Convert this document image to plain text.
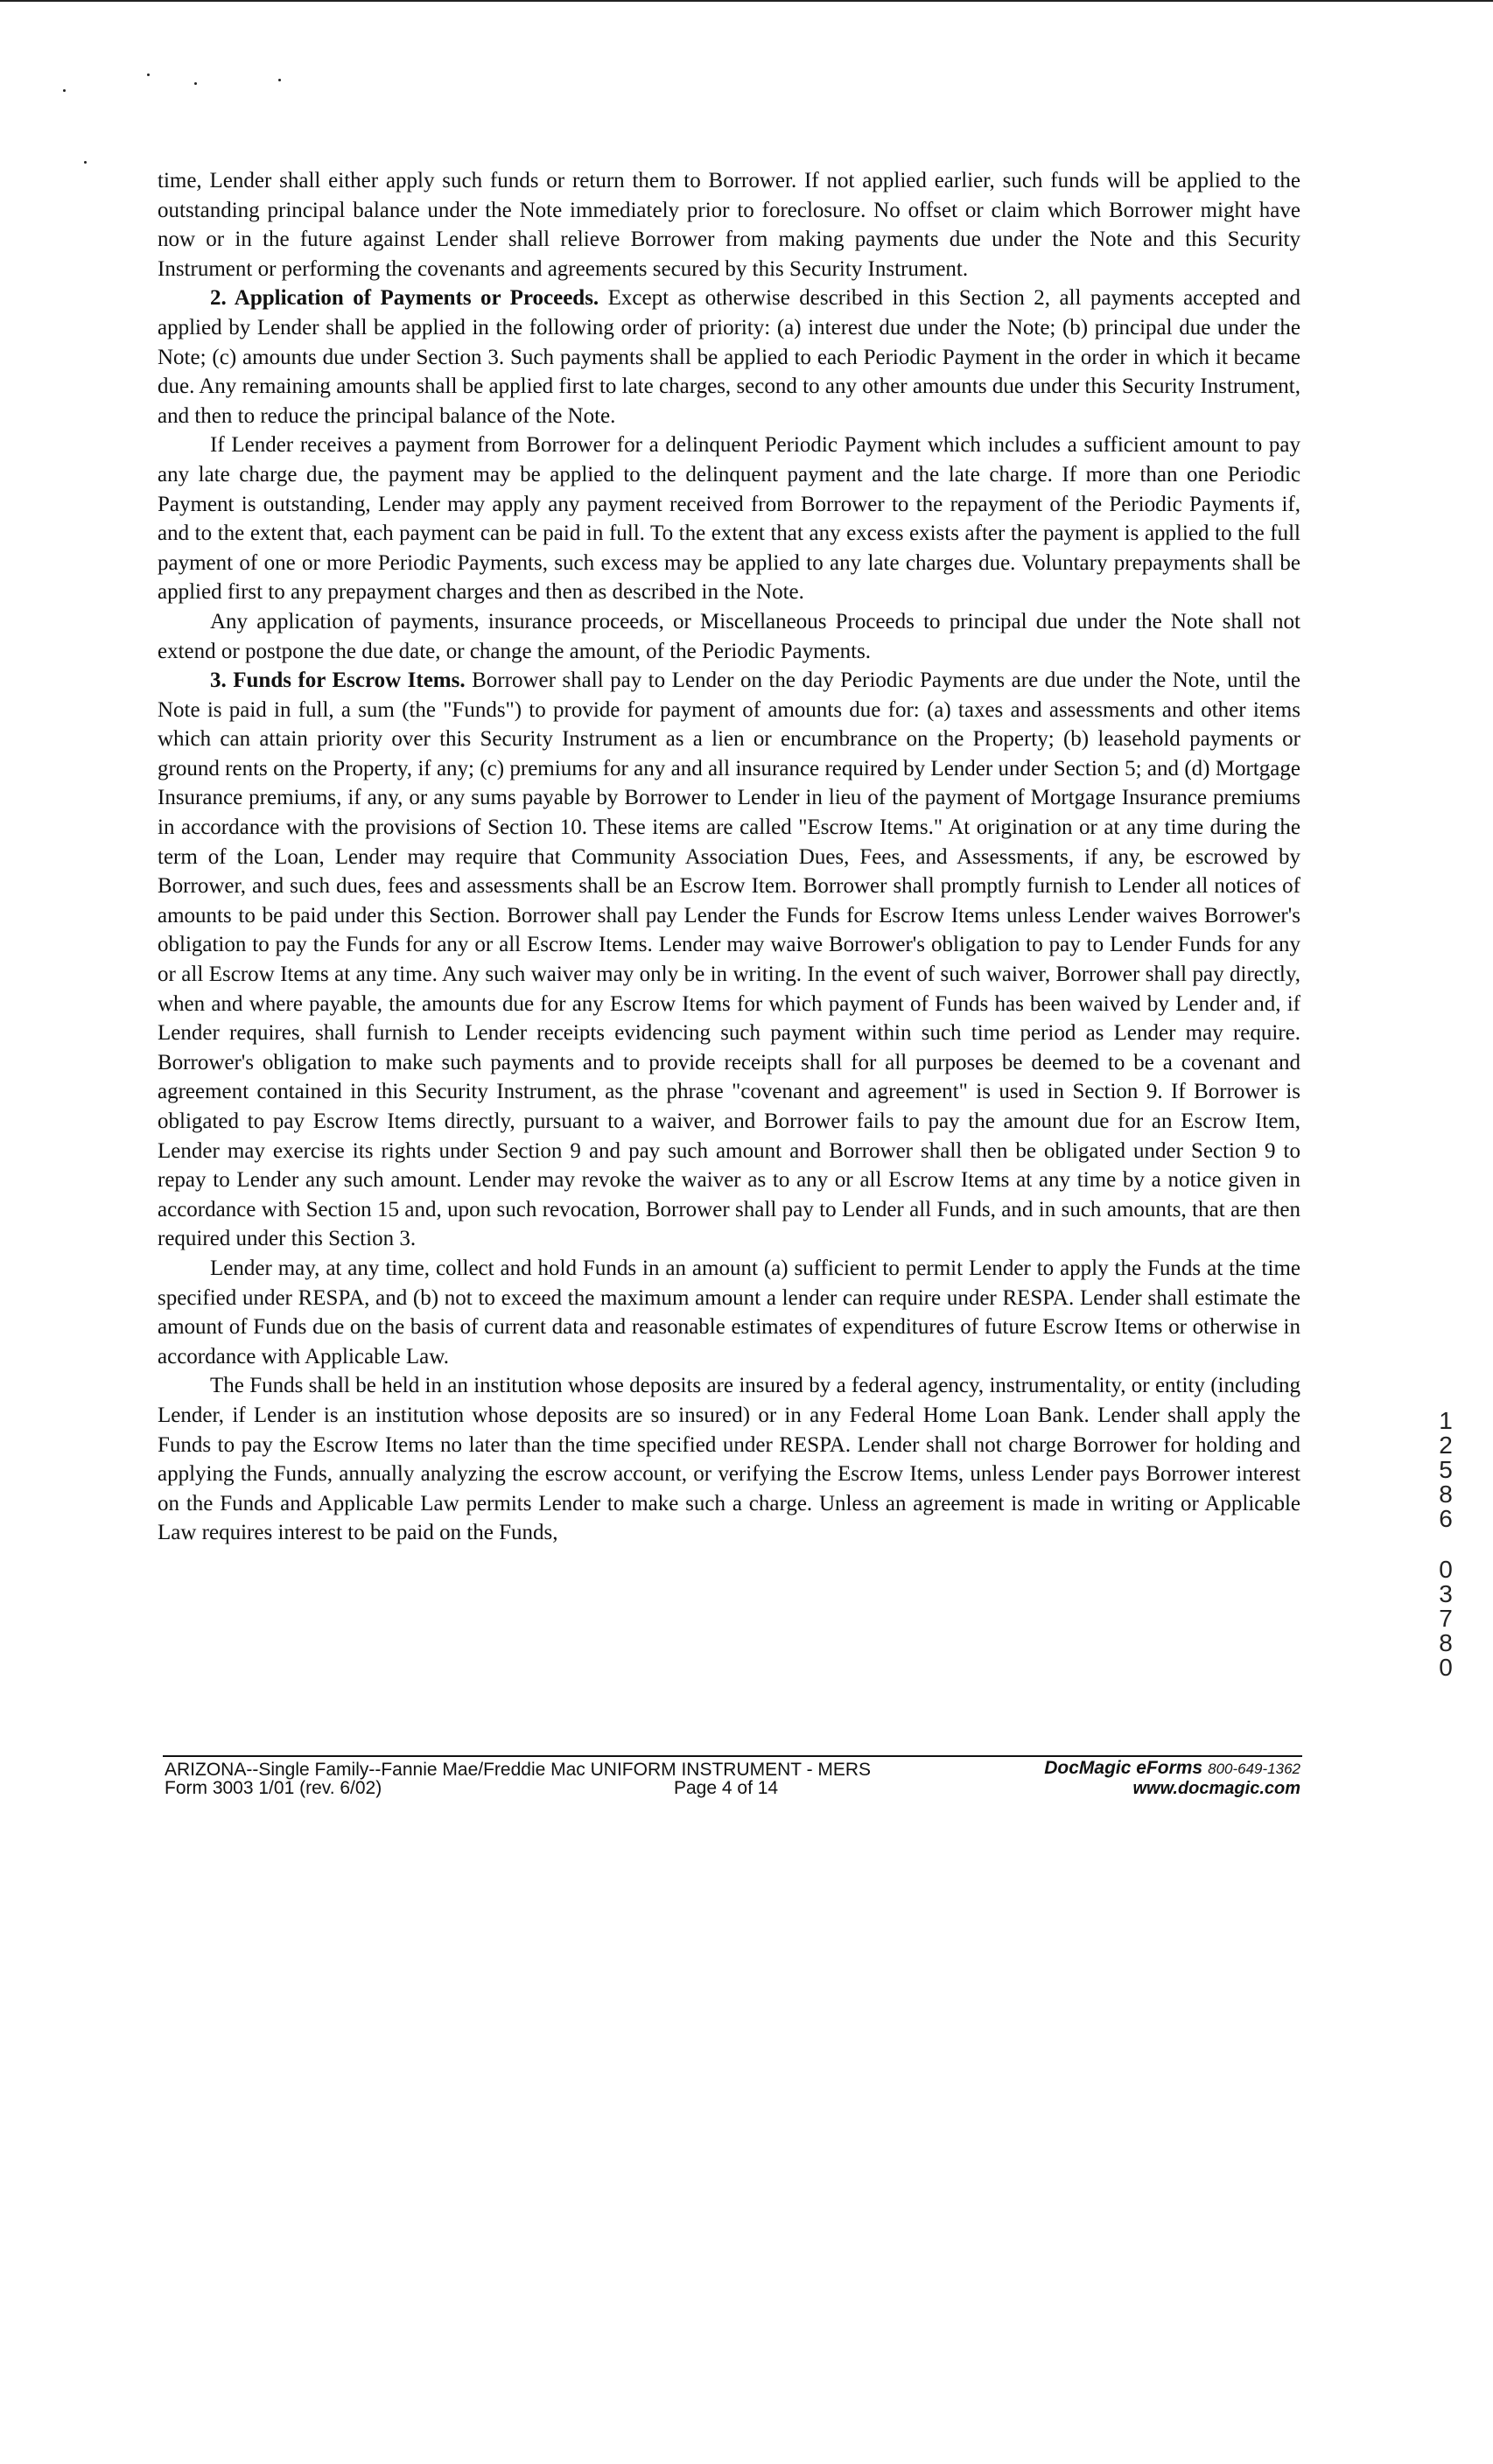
time, Lender shall either apply such funds or return them to Borrower. If not applied earlier, such funds will be applied to the outstanding principal balance under the Note immediately prior to foreclosure. No offset or claim which Borrower might have now or in the future against Lender shall relieve Borrower from making payments due under the Note and this Security Instrument or performing the covenants and agreements secured by this Security Instrument.

2. Application of Payments or Proceeds. Except as otherwise described in this Section 2, all payments accepted and applied by Lender shall be applied in the following order of priority: (a) interest due under the Note; (b) principal due under the Note; (c) amounts due under Section 3. Such payments shall be applied to each Periodic Payment in the order in which it became due. Any remaining amounts shall be applied first to late charges, second to any other amounts due under this Security Instrument, and then to reduce the principal balance of the Note.

If Lender receives a payment from Borrower for a delinquent Periodic Payment which includes a sufficient amount to pay any late charge due, the payment may be applied to the delinquent payment and the late charge. If more than one Periodic Payment is outstanding, Lender may apply any payment received from Borrower to the repayment of the Periodic Payments if, and to the extent that, each payment can be paid in full. To the extent that any excess exists after the payment is applied to the full payment of one or more Periodic Payments, such excess may be applied to any late charges due. Voluntary prepayments shall be applied first to any prepayment charges and then as described in the Note.

Any application of payments, insurance proceeds, or Miscellaneous Proceeds to principal due under the Note shall not extend or postpone the due date, or change the amount, of the Periodic Payments.

3. Funds for Escrow Items. Borrower shall pay to Lender on the day Periodic Payments are due under the Note, until the Note is paid in full, a sum (the "Funds") to provide for payment of amounts due for: (a) taxes and assessments and other items which can attain priority over this Security Instrument as a lien or encumbrance on the Property; (b) leasehold payments or ground rents on the Property, if any; (c) premiums for any and all insurance required by Lender under Section 5; and (d) Mortgage Insurance premiums, if any, or any sums payable by Borrower to Lender in lieu of the payment of Mortgage Insurance premiums in accordance with the provisions of Section 10. These items are called "Escrow Items." At origination or at any time during the term of the Loan, Lender may require that Community Association Dues, Fees, and Assessments, if any, be escrowed by Borrower, and such dues, fees and assessments shall be an Escrow Item. Borrower shall promptly furnish to Lender all notices of amounts to be paid under this Section. Borrower shall pay Lender the Funds for Escrow Items unless Lender waives Borrower's obligation to pay the Funds for any or all Escrow Items. Lender may waive Borrower's obligation to pay to Lender Funds for any or all Escrow Items at any time. Any such waiver may only be in writing. In the event of such waiver, Borrower shall pay directly, when and where payable, the amounts due for any Escrow Items for which payment of Funds has been waived by Lender and, if Lender requires, shall furnish to Lender receipts evidencing such payment within such time period as Lender may require. Borrower's obligation to make such payments and to provide receipts shall for all purposes be deemed to be a covenant and agreement contained in this Security Instrument, as the phrase "covenant and agreement" is used in Section 9. If Borrower is obligated to pay Escrow Items directly, pursuant to a waiver, and Borrower fails to pay the amount due for an Escrow Item, Lender may exercise its rights under Section 9 and pay such amount and Borrower shall then be obligated under Section 9 to repay to Lender any such amount. Lender may revoke the waiver as to any or all Escrow Items at any time by a notice given in accordance with Section 15 and, upon such revocation, Borrower shall pay to Lender all Funds, and in such amounts, that are then required under this Section 3.

Lender may, at any time, collect and hold Funds in an amount (a) sufficient to permit Lender to apply the Funds at the time specified under RESPA, and (b) not to exceed the maximum amount a lender can require under RESPA. Lender shall estimate the amount of Funds due on the basis of current data and reasonable estimates of expenditures of future Escrow Items or otherwise in accordance with Applicable Law.

The Funds shall be held in an institution whose deposits are insured by a federal agency, instrumentality, or entity (including Lender, if Lender is an institution whose deposits are so insured) or in any Federal Home Loan Bank. Lender shall apply the Funds to pay the Escrow Items no later than the time specified under RESPA. Lender shall not charge Borrower for holding and applying the Funds, annually analyzing the escrow account, or verifying the Escrow Items, unless Lender pays Borrower interest on the Funds and Applicable Law permits Lender to make such a charge. Unless an agreement is made in writing or Applicable Law requires interest to be paid on the Funds,

1
2
5
8
6
0
3
7
8
0
ARIZONA--Single Family--Fannie Mae/Freddie Mac UNIFORM INSTRUMENT - MERS
Form 3003 1/01 (rev. 6/02)	Page 4 of 14
DocMagic eForms 800-649-1362
www.docmagic.com
